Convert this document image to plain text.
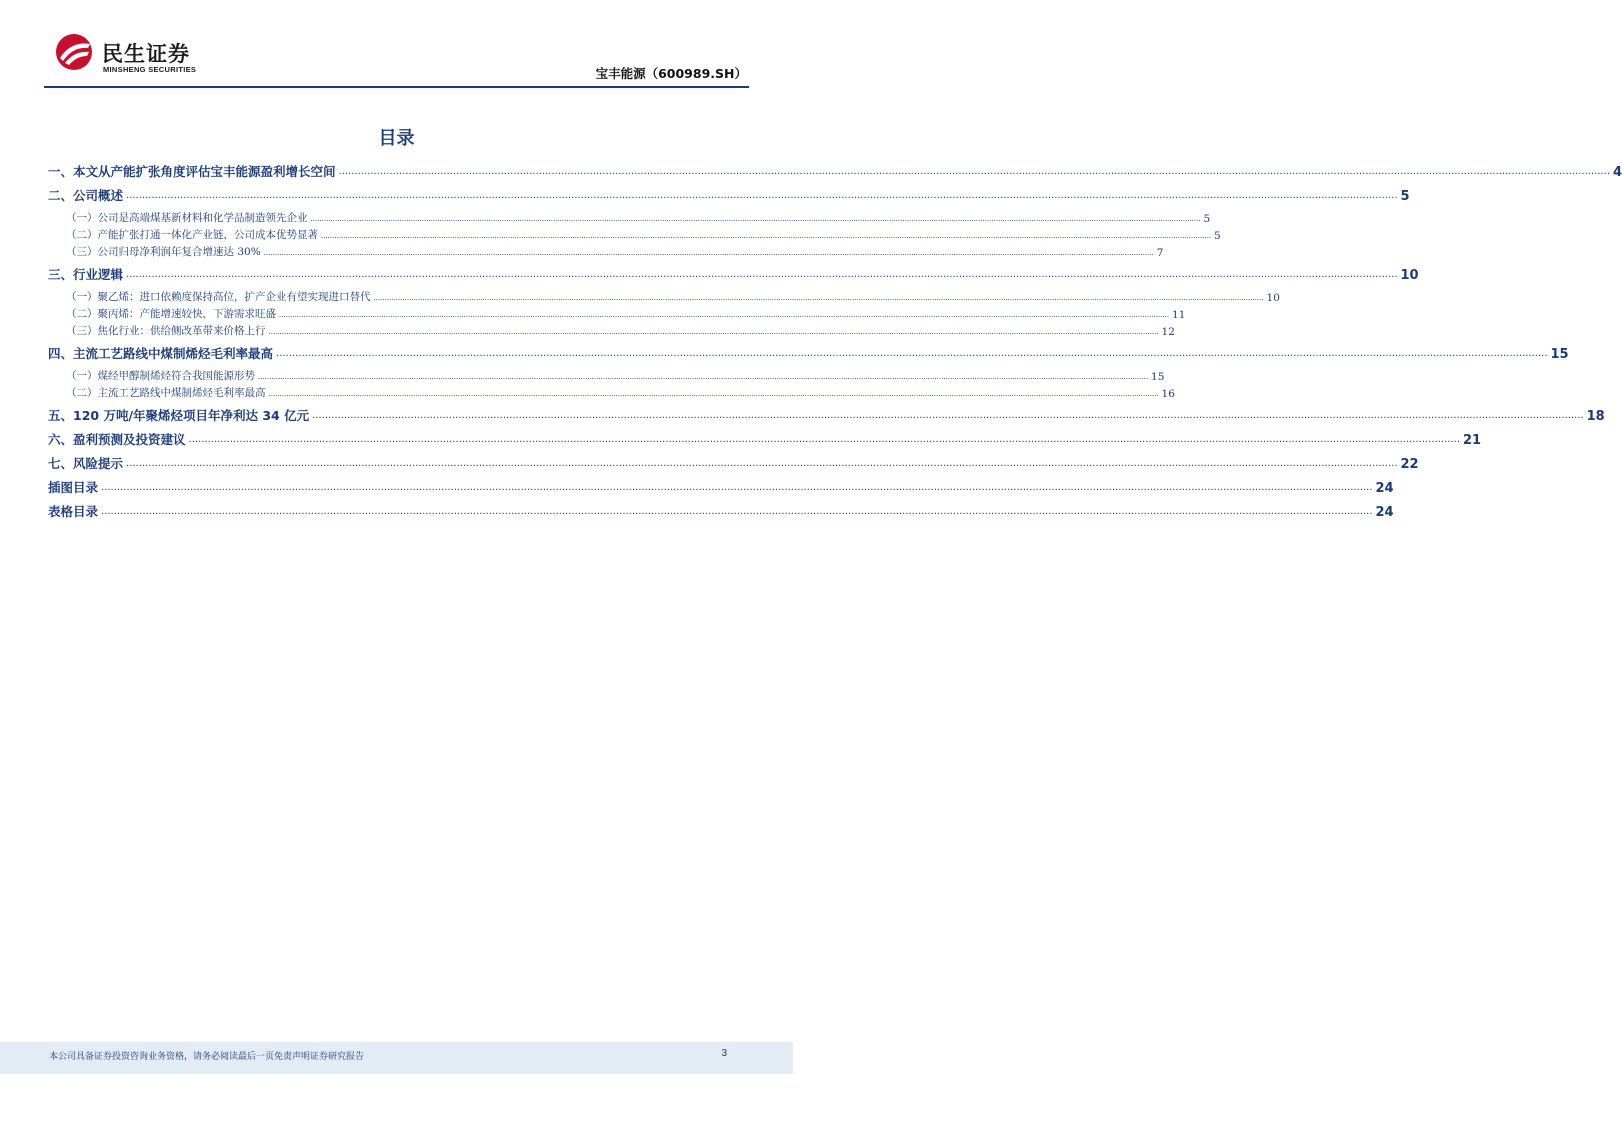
民生证券
MINSHENG SECURITIES	宝丰能源（600989.SH）
目录
一、本文从产能扩张角度评估宝丰能源盈利增长空间 ................................................................................................................................................................................................................................................................................................................................................................................................................ 4
二、公司概述 ................................................................................................................................................................................................................................................................................................................................................................................................................ 5
（一）公司是高端煤基新材料和化学品制造领先企业 ................................................................................................................................................................................................................................................................................................................................................................................................................ 5
（二）产能扩张打通一体化产业链，公司成本优势显著 ................................................................................................................................................................................................................................................................................................................................................................................................................ 5
（三）公司归母净利润年复合增速达 30% ................................................................................................................................................................................................................................................................................................................................................................................................................ 7
三、行业逻辑 ................................................................................................................................................................................................................................................................................................................................................................................................................ 10
（一）聚乙烯：进口依赖度保持高位，扩产企业有望实现进口替代 ................................................................................................................................................................................................................................................................................................................................................................................................................ 10
（二）聚丙烯：产能增速较快，下游需求旺盛 ................................................................................................................................................................................................................................................................................................................................................................................................................ 11
（三）焦化行业：供给侧改革带来价格上行 ................................................................................................................................................................................................................................................................................................................................................................................................................ 12
四、主流工艺路线中煤制烯烃毛利率最高 ................................................................................................................................................................................................................................................................................................................................................................................................................ 15
（一）煤经甲醇制烯烃符合我国能源形势 ................................................................................................................................................................................................................................................................................................................................................................................................................ 15
（二）主流工艺路线中煤制烯烃毛利率最高 ................................................................................................................................................................................................................................................................................................................................................................................................................ 16
五、120 万吨/年聚烯烃项目年净利达 34 亿元 ................................................................................................................................................................................................................................................................................................................................................................................................................ 18
六、盈利预测及投资建议 ................................................................................................................................................................................................................................................................................................................................................................................................................ 21
七、风险提示 ................................................................................................................................................................................................................................................................................................................................................................................................................ 22
插图目录 ................................................................................................................................................................................................................................................................................................................................................................................................................ 24
表格目录 ................................................................................................................................................................................................................................................................................................................................................................................................................ 24
本公司具备证券投资咨询业务资格，请务必阅读最后一页免责声明证券研究报告	3
